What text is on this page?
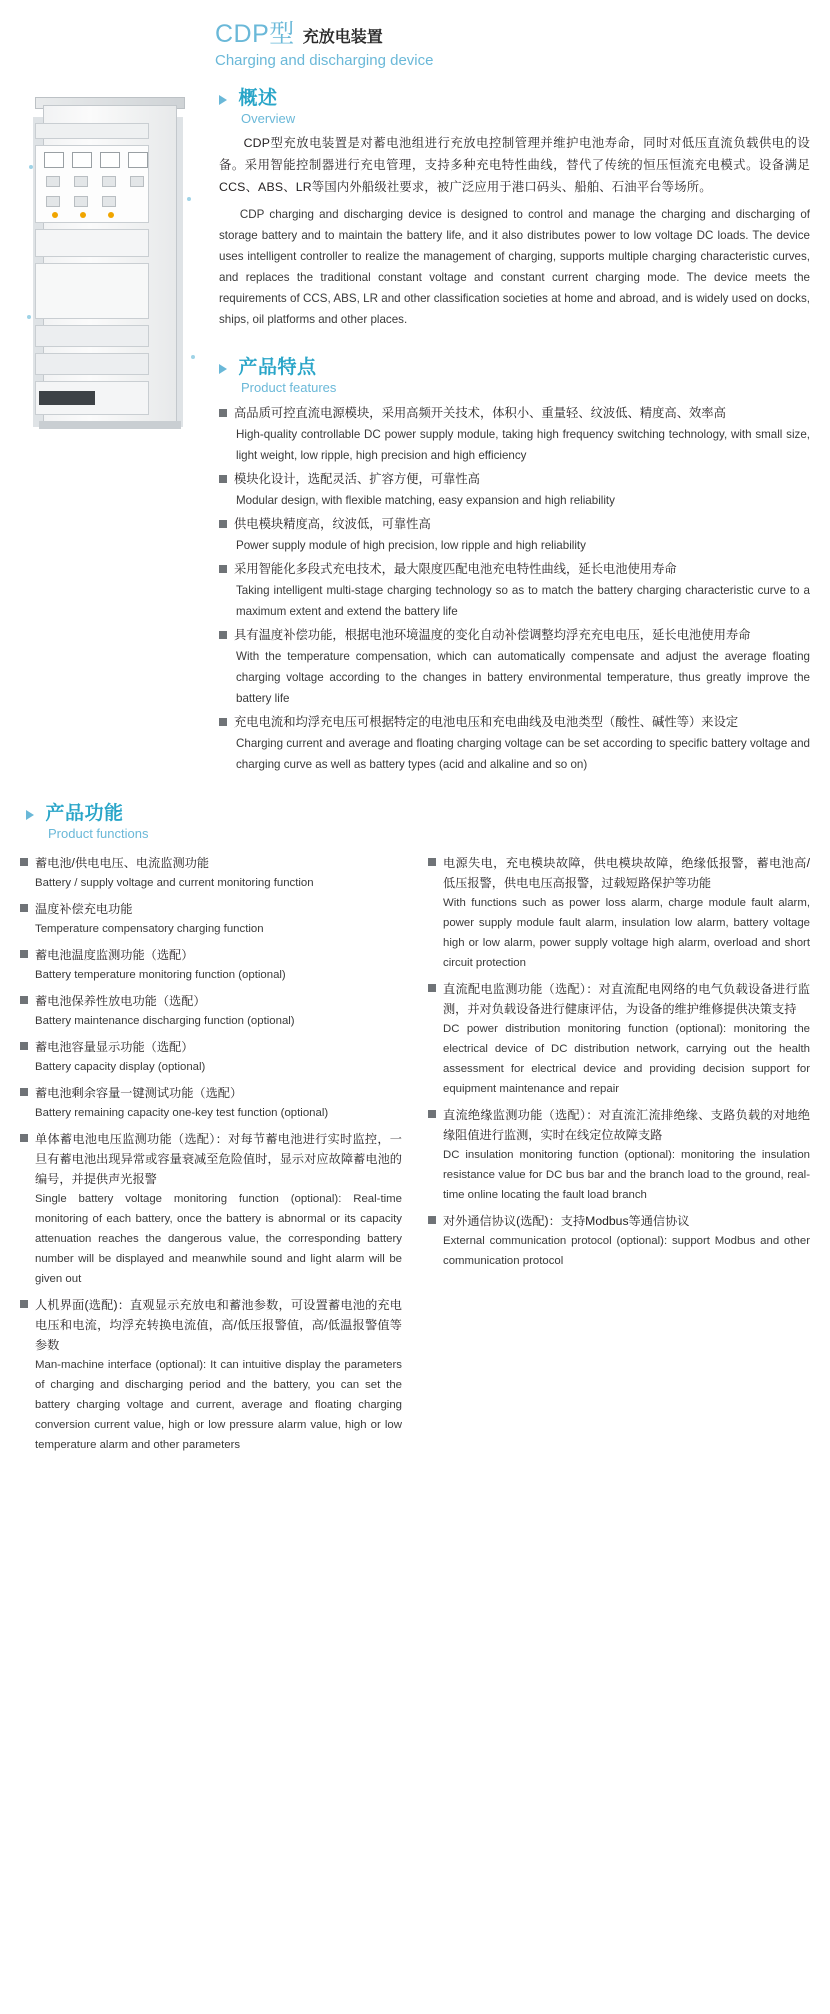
CDP型 充放电装置
Charging and discharging device
概述
Overview

CDP型充放电装置是对蓄电池组进行充放电控制管理并维护电池寿命，同时对低压直流负载供电的设备。采用智能控制器进行充电管理，支持多种充电特性曲线，替代了传统的恒压恒流充电模式。设备满足CCS、ABS、LR等国内外船级社要求，被广泛应用于港口码头、船舶、石油平台等场所。

CDP charging and discharging device is designed to control and manage the charging and discharging of storage battery and to maintain the battery life, and it also distributes power to low voltage DC loads. The device uses intelligent controller to realize the management of charging, supports multiple charging characteristic curves, and replaces the traditional constant voltage and constant current charging mode. The device meets the requirements of CCS, ABS, LR and other classification societies at home and abroad, and is widely used on docks, ships, oil platforms and other places.

产品特点
Product features
高品质可控直流电源模块，采用高频开关技术，体积小、重量轻、纹波低、精度高、效率高
High-quality controllable DC power supply module, taking high frequency switching technology, with small size, light weight, low ripple, high precision and high efficiency
模块化设计，选配灵活、扩容方便，可靠性高
Modular design, with flexible matching, easy expansion and high reliability
供电模块精度高，纹波低，可靠性高
Power supply module of high precision, low ripple and high reliability
采用智能化多段式充电技术，最大限度匹配电池充电特性曲线，延长电池使用寿命
Taking intelligent multi-stage charging technology so as to match the battery charging characteristic curve to a maximum extent and extend the battery life
具有温度补偿功能，根据电池环境温度的变化自动补偿调整均浮充充电电压，延长电池使用寿命
With the temperature compensation, which can automatically compensate and adjust the average floating charging voltage according to the changes in battery environmental temperature, thus greatly improve the battery life
充电电流和均浮充电压可根据特定的电池电压和充电曲线及电池类型（酸性、碱性等）来设定
Charging current and average and floating charging voltage can be set according to specific battery voltage and charging curve as well as battery types (acid and alkaline and so on)
产品功能
Product functions
蓄电池/供电电压、电流监测功能
Battery / supply voltage and current monitoring function
温度补偿充电功能
Temperature compensatory charging function
蓄电池温度监测功能（选配）
Battery temperature monitoring function (optional)
蓄电池保养性放电功能（选配）
Battery maintenance discharging function (optional)
蓄电池容量显示功能（选配）
Battery capacity display (optional)
蓄电池剩余容量一键测试功能（选配）
Battery remaining capacity one-key test function (optional)
单体蓄电池电压监测功能（选配）：对每节蓄电池进行实时监控，一旦有蓄电池出现异常或容量衰减至危险值时，显示对应故障蓄电池的编号，并提供声光报警
Single battery voltage monitoring function (optional): Real-time monitoring of each battery, once the battery is abnormal or its capacity attenuation reaches the dangerous value, the corresponding battery number will be displayed and meanwhile sound and light alarm will be given out
人机界面(选配)：直观显示充放电和蓄池参数，可设置蓄电池的充电电压和电流，均浮充转换电流值，高/低压报警值，高/低温报警值等参数
Man-machine interface (optional): It can intuitive display the parameters of charging and discharging period and the battery, you can set the battery charging voltage and current, average and floating charging conversion current value, high or low pressure alarm value, high or low temperature alarm and other parameters
电源失电，充电模块故障，供电模块故障，绝缘低报警，蓄电池高/低压报警，供电电压高报警，过载短路保护等功能
With functions such as power loss alarm, charge module fault alarm, power supply module fault alarm, insulation low alarm, battery voltage high or low alarm, power supply voltage high alarm, overload and short circuit protection
直流配电监测功能（选配）：对直流配电网络的电气负载设备进行监测，并对负载设备进行健康评估，为设备的维护维修提供决策支持
DC power distribution monitoring function (optional): monitoring the electrical device of DC distribution network, carrying out the health assessment for electrical device and providing decision support for equipment maintenance and repair
直流绝缘监测功能（选配）：对直流汇流排绝缘、支路负载的对地绝缘阻值进行监测，实时在线定位故障支路
DC insulation monitoring function (optional): monitoring the insulation resistance value for DC bus bar and the branch load to the ground, real-time online locating the fault load branch
对外通信协议(选配)：支持Modbus等通信协议
External communication protocol (optional): support Modbus and other communication protocol
